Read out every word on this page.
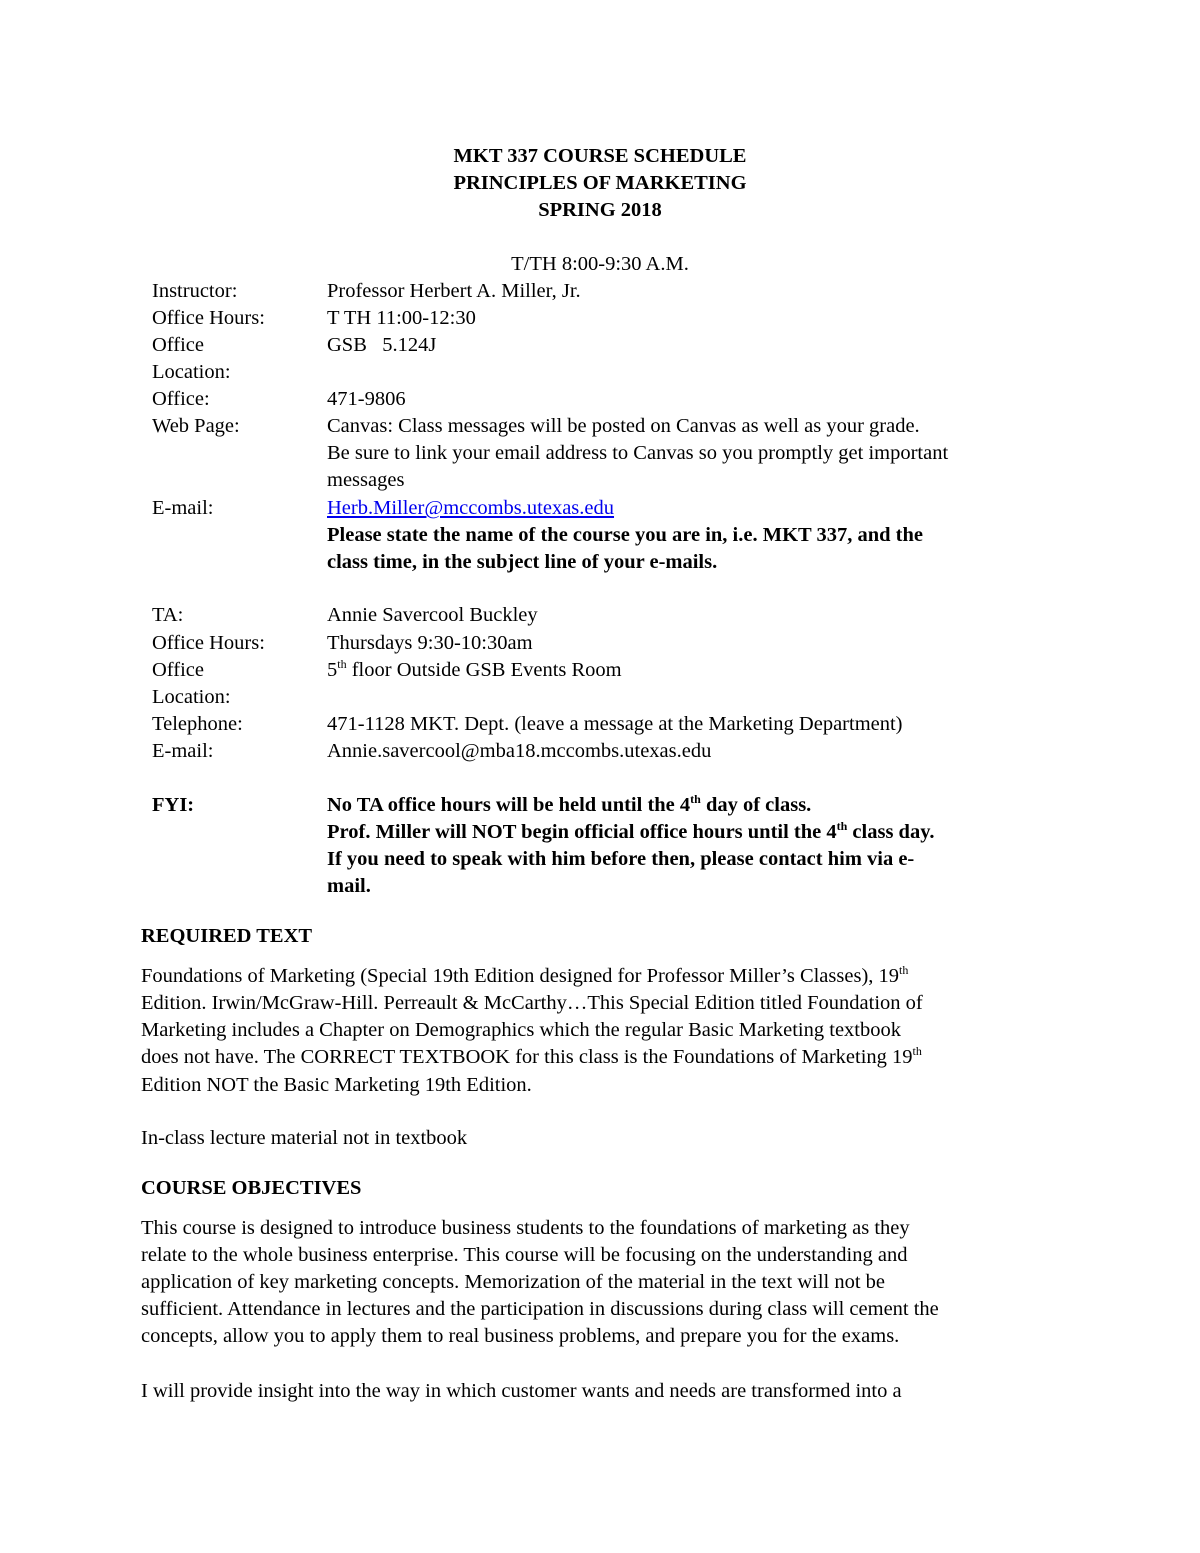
MKT 337 COURSE SCHEDULE
PRINCIPLES OF MARKETING
SPRING 2018
T/TH 8:00-9:30 A.M.
Instructor:	Professor Herbert A. Miller, Jr.
Office Hours:	T TH 11:00-12:30
Office	GSB   5.124J
Location:
Office:	471-9806
Web Page:	Canvas: Class messages will be posted on Canvas as well as your grade.
Be sure to link your email address to Canvas so you promptly get important
messages
E-mail:	Herb.Miller@mccombs.utexas.edu
Please state the name of the course you are in, i.e. MKT 337, and the
class time, in the subject line of your e-mails.
TA:	Annie Savercool Buckley
Office Hours:	Thursdays 9:30-10:30am
Office	5th floor Outside GSB Events Room
Location:
Telephone:	471-1128 MKT. Dept. (leave a message at the Marketing Department)
E-mail:	Annie.savercool@mba18.mccombs.utexas.edu
FYI:	No TA office hours will be held until the 4th day of class.
Prof. Miller will NOT begin official office hours until the 4th class day.
If you need to speak with him before then, please contact him via e-
mail.
REQUIRED TEXT
Foundations of Marketing (Special 19th Edition designed for Professor Miller’s Classes), 19th
Edition. Irwin/McGraw-Hill. Perreault & McCarthy…This Special Edition titled Foundation of
Marketing includes a Chapter on Demographics which the regular Basic Marketing textbook
does not have. The CORRECT TEXTBOOK for this class is the Foundations of Marketing 19th
Edition NOT the Basic Marketing 19th Edition.
In-class lecture material not in textbook
COURSE OBJECTIVES
This course is designed to introduce business students to the foundations of marketing as they
relate to the whole business enterprise. This course will be focusing on the understanding and
application of key marketing concepts. Memorization of the material in the text will not be
sufficient. Attendance in lectures and the participation in discussions during class will cement the
concepts, allow you to apply them to real business problems, and prepare you for the exams.
I will provide insight into the way in which customer wants and needs are transformed into a
